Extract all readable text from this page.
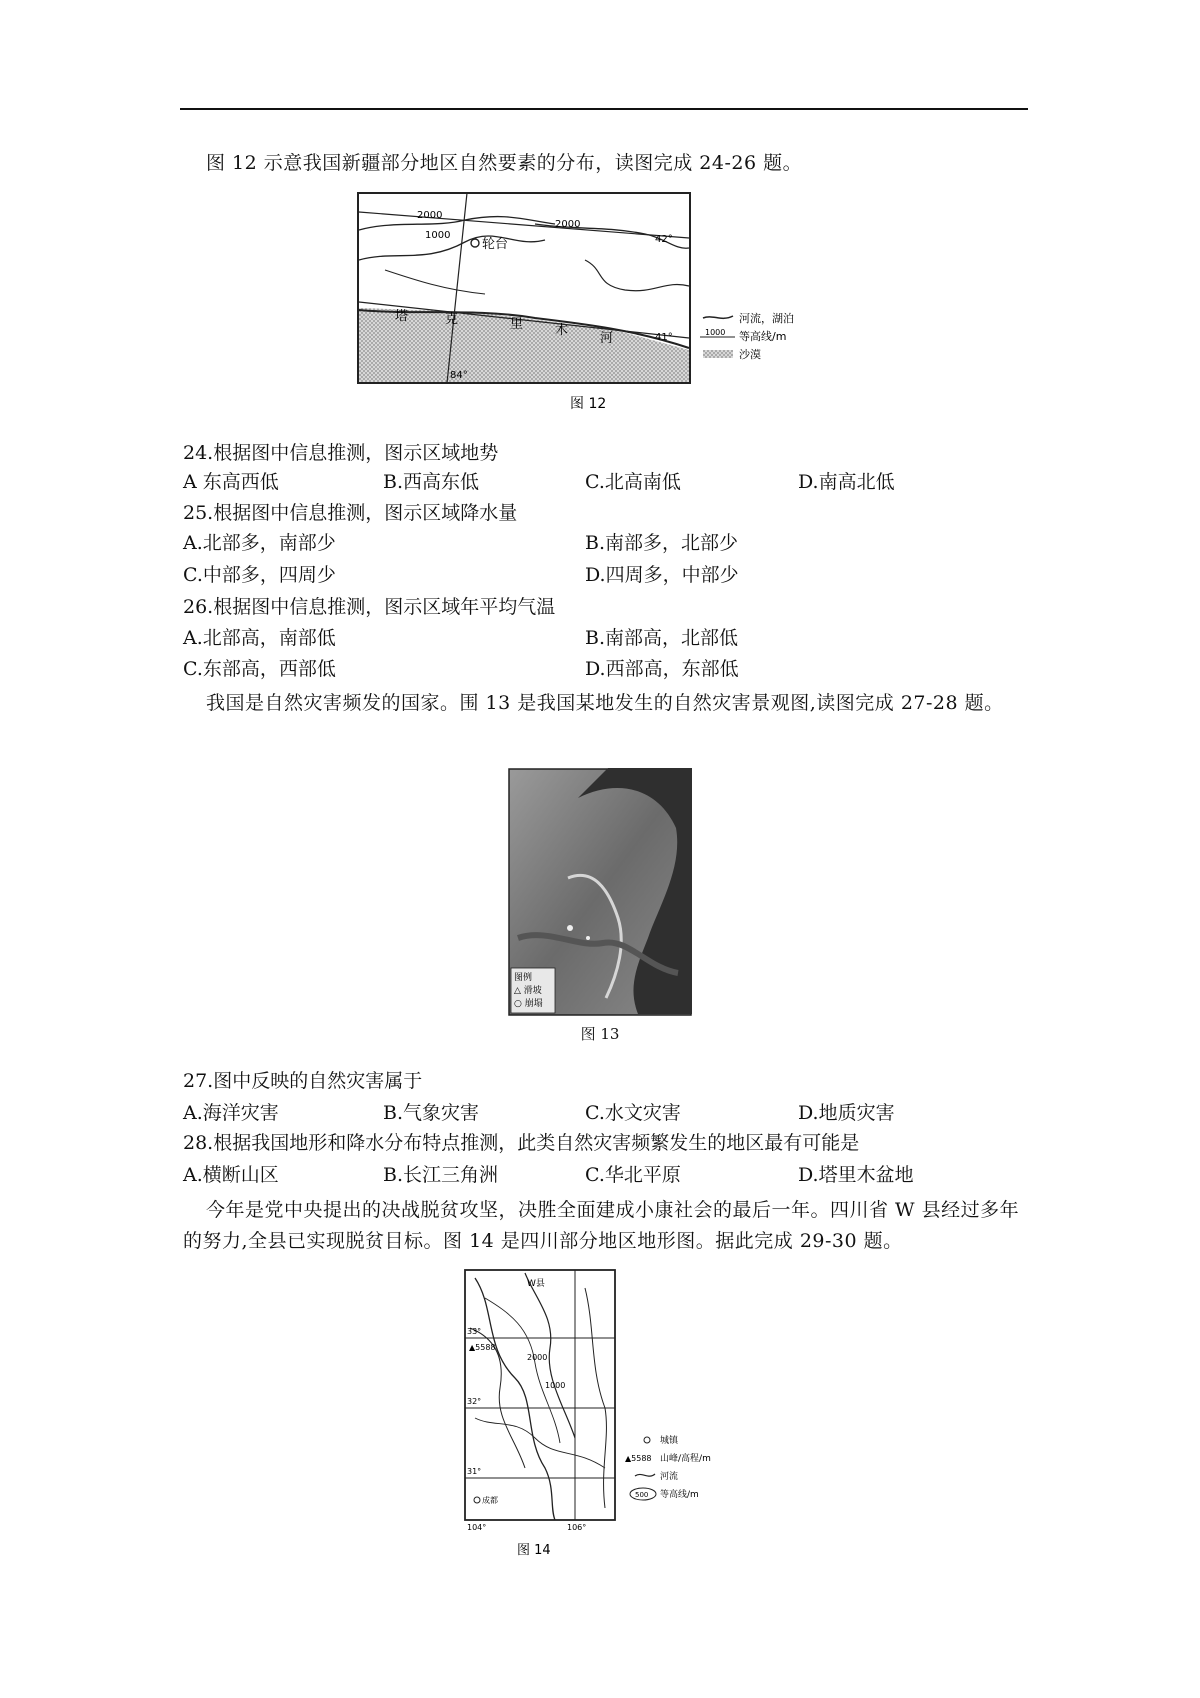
图 12 示意我国新疆部分地区自然要素的分布，读图完成 24-26 题。
轮台
2000
2000
1000	42°
41°
84°
塔	克	里 木
河
河流，湖泊
1000 等高线/m
沙漠
图 12
24.根据图中信息推测，图示区域地势
A 东高西低	B.西高东低	C.北高南低	D.南高北低
25.根据图中信息推测，图示区域降水量
A.北部多，南部少	B.南部多，北部少
C.中部多，四周少	D.四周多，中部少
26.根据图中信息推测，图示区域年平均气温
A.北部高，南部低	B.南部高，北部低
C.东部高，西部低	D.西部高，东部低
我国是自然灾害频发的国家。围 13 是我国某地发生的自然灾害景观图,读图完成 27-28 题。
图例
△ 滑坡
○ 崩塌
图 13
27.图中反映的自然灾害属于
A.海洋灾害	B.气象灾害	C.水文灾害	D.地质灾害
28.根据我国地形和降水分布特点推测，此类自然灾害频繁发生的地区最有可能是
A.横断山区	B.长江三角洲	C.华北平原	D.塔里木盆地
今年是党中央提出的决战脱贫攻坚，决胜全面建成小康社会的最后一年。四川省 W 县经过多年的努力,全县已实现脱贫目标。图 14 是四川部分地区地形图。据此完成 29-30 题。
W县
▲5588
2000
1000
33°
32°
31°
成都
104°	106°
城镇
▲5588 山峰/高程/m
河流
500 等高线/m
图 14
